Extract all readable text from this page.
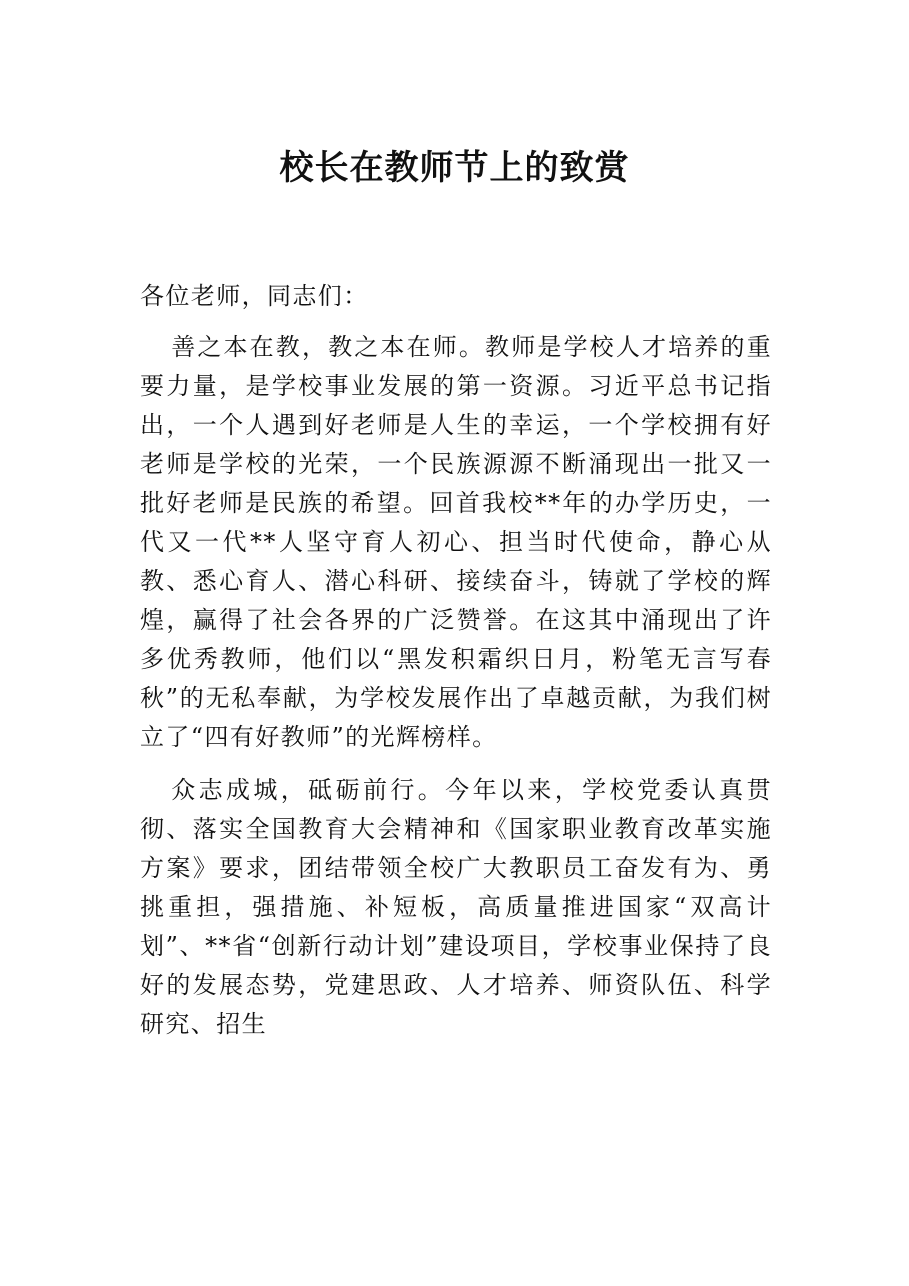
校长在教师节上的致赏

各位老师，同志们：

善之本在教，教之本在师。教师是学校人才培养的重要力量，是学校事业发展的第一资源。习近平总书记指出，一个人遇到好老师是人生的幸运，一个学校拥有好老师是学校的光荣，一个民族源源不断涌现出一批又一批好老师是民族的希望。回首我校**年的办学历史，一代又一代**人坚守育人初心、担当时代使命，静心从教、悉心育人、潜心科研、接续奋斗，铸就了学校的辉煌，赢得了社会各界的广泛赞誉。在这其中涌现出了许多优秀教师，他们以“黑发积霜织日月，粉笔无言写春秋”的无私奉献，为学校发展作出了卓越贡献，为我们树立了“四有好教师”的光辉榜样。

众志成城，砥砺前行。今年以来，学校党委认真贯彻、落实全国教育大会精神和《国家职业教育改革实施方案》要求，团结带领全校广大教职员工奋发有为、勇挑重担，强措施、补短板，高质量推进国家“双高计划”、**省“创新行动计划”建设项目，学校事业保持了良好的发展态势，党建思政、人才培养、师资队伍、科学研究、招生
